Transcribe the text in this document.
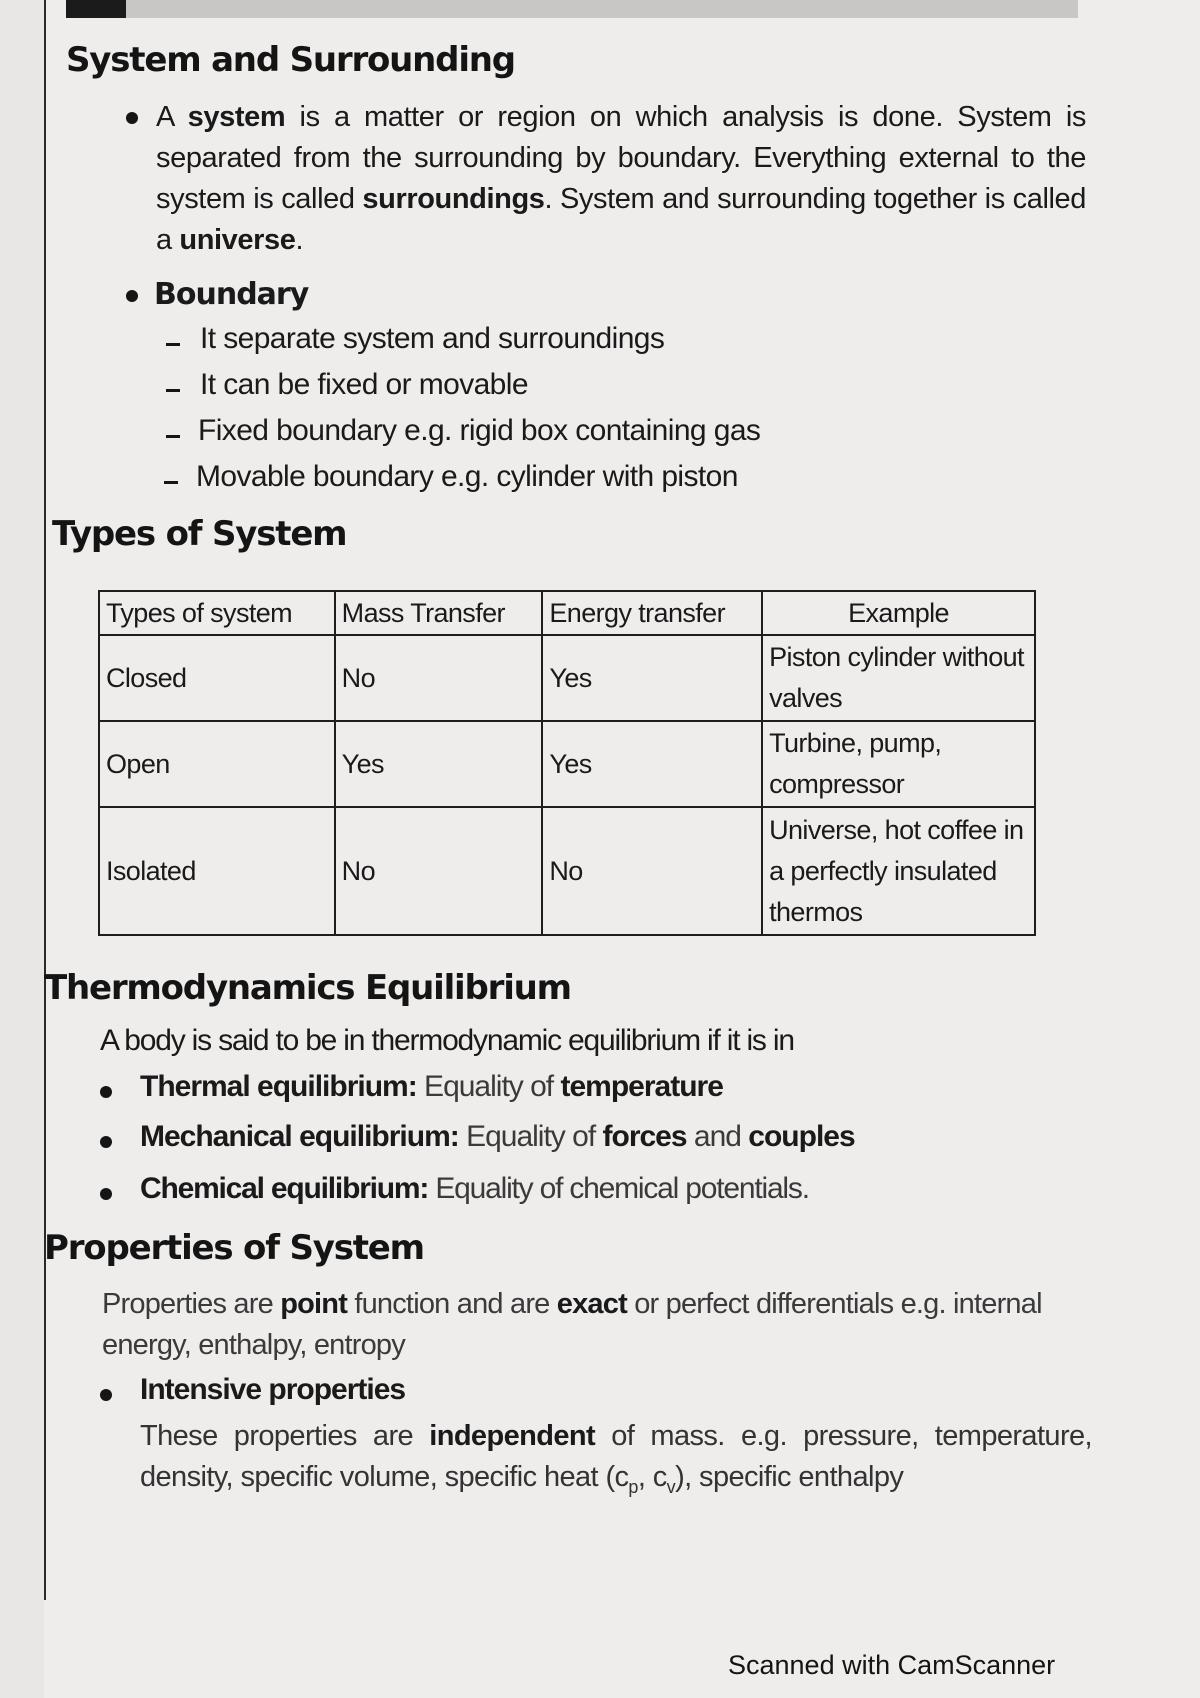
System and Surrounding

A system is a matter or region on which analysis is done. System is separated from the surrounding by boundary. Everything external to the system is called surroundings. System and surrounding together is called a universe.

Boundary

It separate system and surroundings

It can be fixed or movable

Fixed boundary e.g. rigid box containing gas

Movable boundary e.g. cylinder with piston

Types of System
Types of system	Mass Transfer	Energy transfer	Example
Closed	No	Yes	Piston cylinder without valves
Open	Yes	Yes	Turbine, pump, compressor
Isolated	No	No	Universe, hot coffee in a perfectly insulated thermos
Thermodynamics Equilibrium

A body is said to be in thermodynamic equilibrium if it is in

Thermal equilibrium: Equality of temperature

Mechanical equilibrium: Equality of forces and couples

Chemical equilibrium: Equality of chemical potentials.

Properties of System

Properties are point function and are exact or perfect differentials e.g. internal energy, enthalpy, entropy

Intensive properties

These properties are independent of mass. e.g. pressure, temperature, density, specific volume, specific heat ($c_p$, $c_v$), specific enthalpy

Scanned with CamScanner
